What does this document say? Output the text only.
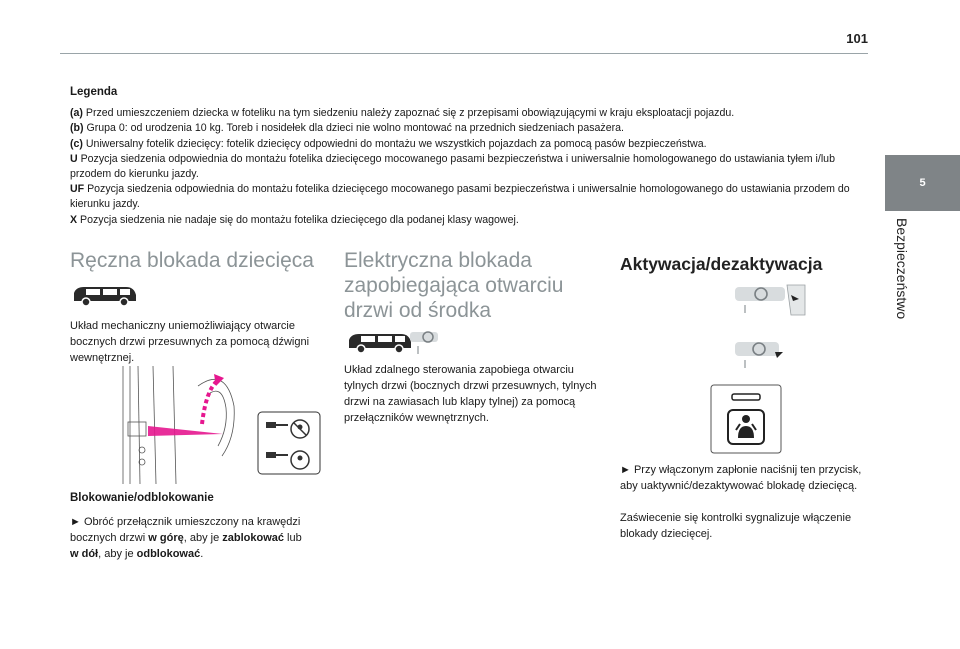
101
5
Bezpieczeństwo
Legenda

(a) Przed umieszczeniem dziecka w foteliku na tym siedzeniu należy zapoznać się z przepisami obowiązującymi w kraju eksploatacji pojazdu.

(b) Grupa 0: od urodzenia 10 kg. Toreb i nosidełek dla dzieci nie wolno montować na przednich siedzeniach pasażera.

(c) Uniwersalny fotelik dziecięcy: fotelik dziecięcy odpowiedni do montażu we wszystkich pojazdach za pomocą pasów bezpieczeństwa.

U Pozycja siedzenia odpowiednia do montażu fotelika dziecięcego mocowanego pasami bezpieczeństwa i uniwersalnie homologowanego do ustawiania tyłem i/lub przodem do kierunku jazdy.

UF Pozycja siedzenia odpowiednia do montażu fotelika dziecięcego mocowanego pasami bezpieczeństwa i uniwersalnie homologowanego do ustawiania przodem do kierunku jazdy.

X Pozycja siedzenia nie nadaje się do montażu fotelika dziecięcego dla podanej klasy wagowej.

Ręczna blokada dziecięca

Układ mechaniczny uniemożliwiający otwarcie bocznych drzwi przesuwnych za pomocą dźwigni wewnętrznej.

Blokowanie/odblokowanie

► Obróć przełącznik umieszczony na krawędzi bocznych drzwi w górę, aby je zablokować lub
w dół, aby je odblokować.

Elektryczna blokada zapobiegająca otwarciu drzwi od środka

Układ zdalnego sterowania zapobiega otwarciu tylnych drzwi (bocznych drzwi przesuwnych, tylnych drzwi na zawiasach lub klapy tylnej) za pomocą przełączników wewnętrznych.

Aktywacja/dezaktywacja

► Przy włączonym zapłonie naciśnij ten przycisk, aby uaktywnić/dezaktywować blokadę dziecięcą.

Zaświecenie się kontrolki sygnalizuje włączenie blokady dziecięcej.
